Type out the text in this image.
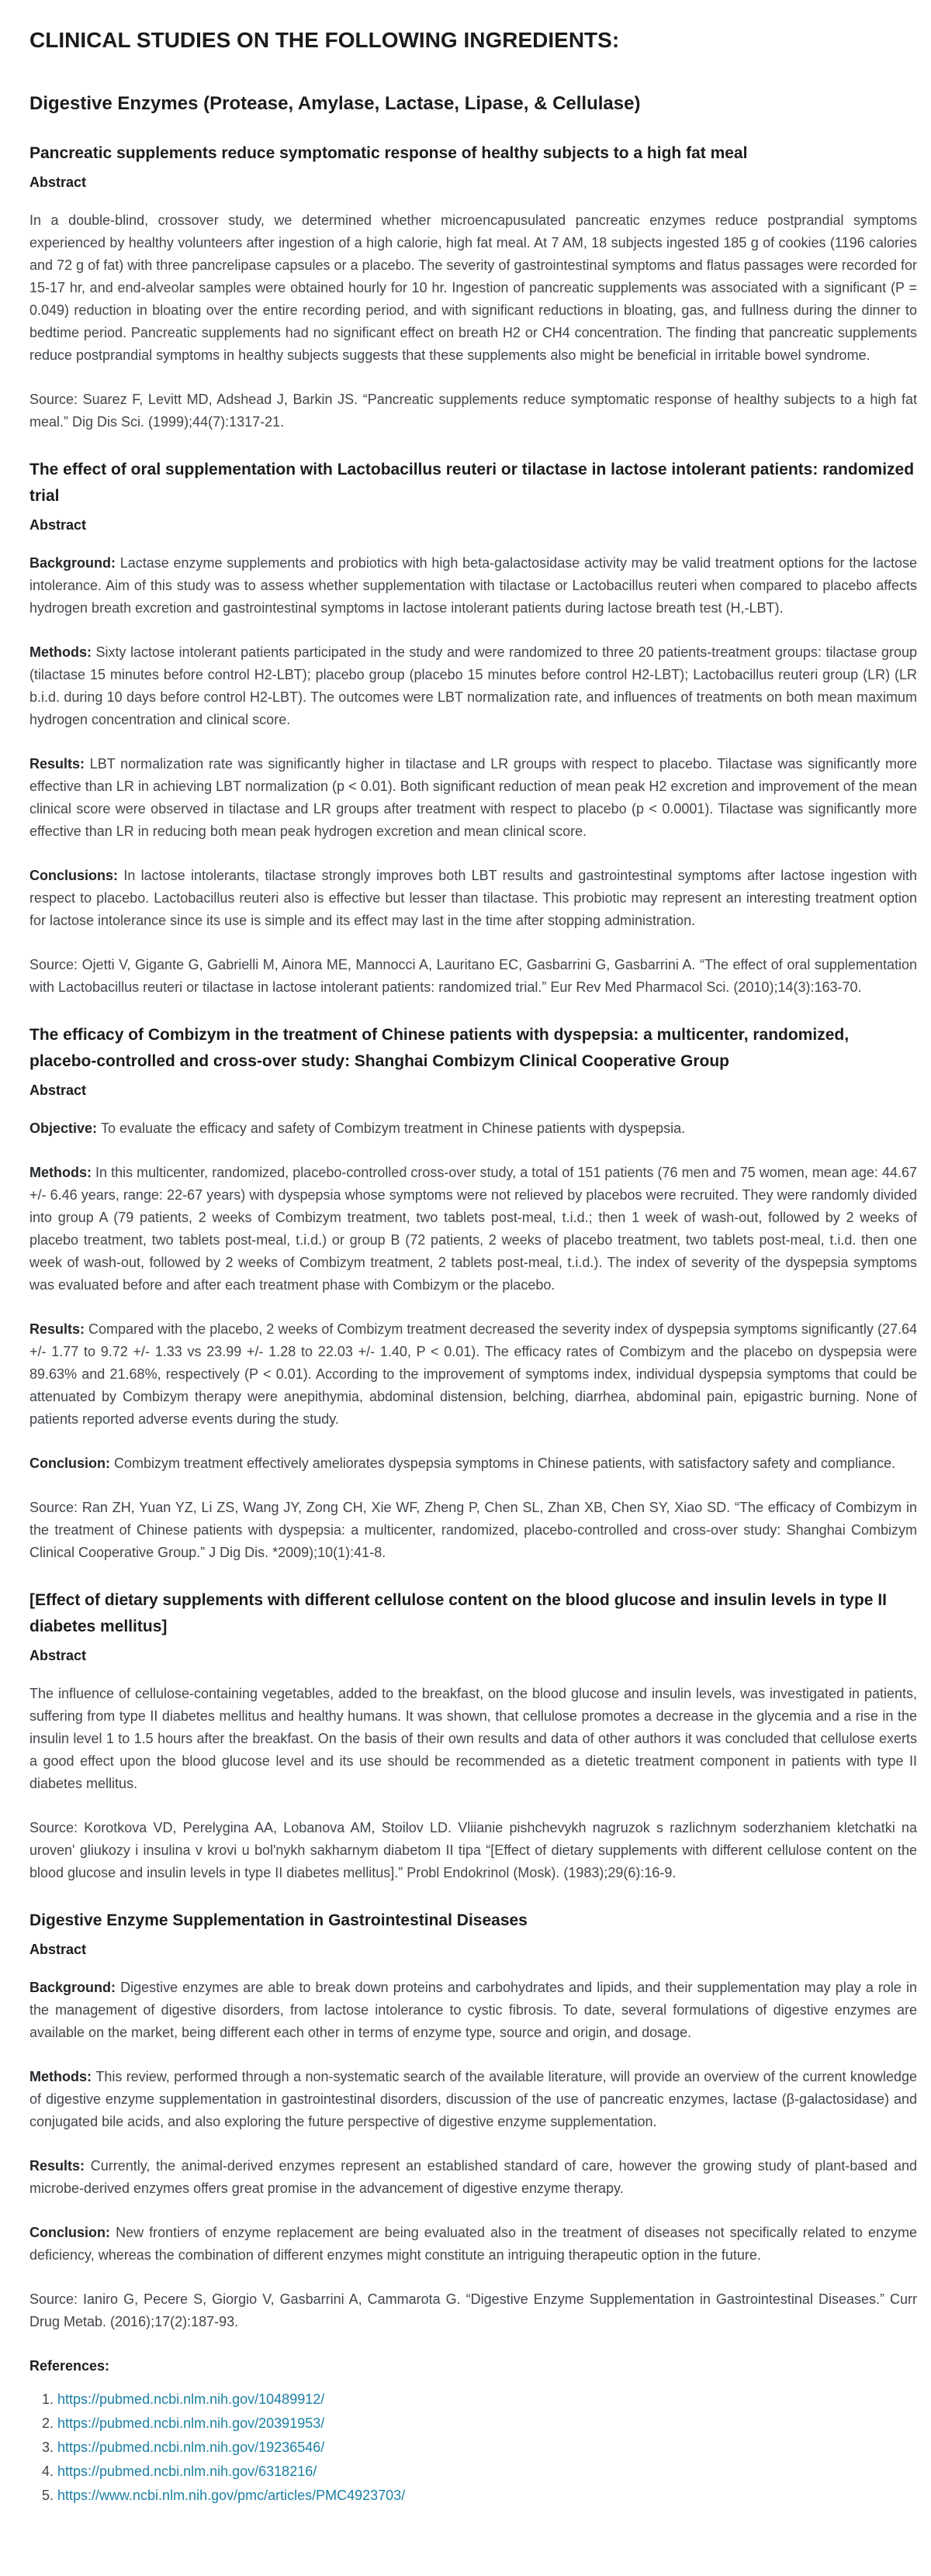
CLINICAL STUDIES ON THE FOLLOWING INGREDIENTS:
Digestive Enzymes (Protease, Amylase, Lactase, Lipase, & Cellulase)
Pancreatic supplements reduce symptomatic response of healthy subjects to a high fat meal
Abstract

In a double-blind, crossover study, we determined whether microencapusulated pancreatic enzymes reduce postprandial symptoms experienced by healthy volunteers after ingestion of a high calorie, high fat meal. At 7 AM, 18 subjects ingested 185 g of cookies (1196 calories and 72 g of fat) with three pancrelipase capsules or a placebo. The severity of gastrointestinal symptoms and flatus passages were recorded for 15-17 hr, and end-alveolar samples were obtained hourly for 10 hr. Ingestion of pancreatic supplements was associated with a significant (P = 0.049) reduction in bloating over the entire recording period, and with significant reductions in bloating, gas, and fullness during the dinner to bedtime period. Pancreatic supplements had no significant effect on breath H2 or CH4 concentration. The finding that pancreatic supplements reduce postprandial symptoms in healthy subjects suggests that these supplements also might be beneficial in irritable bowel syndrome.

Source: Suarez F, Levitt MD, Adshead J, Barkin JS. “Pancreatic supplements reduce symptomatic response of healthy subjects to a high fat meal.” Dig Dis Sci. (1999);44(7):1317-21.

The effect of oral supplementation with Lactobacillus reuteri or tilactase in lactose intolerant patients: randomized trial
Abstract

Background: Lactase enzyme supplements and probiotics with high beta-galactosidase activity may be valid treatment options for the lactose intolerance. Aim of this study was to assess whether supplementation with tilactase or Lactobacillus reuteri when compared to placebo affects hydrogen breath excretion and gastrointestinal symptoms in lactose intolerant patients during lactose breath test (H,-LBT).

Methods: Sixty lactose intolerant patients participated in the study and were randomized to three 20 patients-treatment groups: tilactase group (tilactase 15 minutes before control H2-LBT); placebo group (placebo 15 minutes before control H2-LBT); Lactobacillus reuteri group (LR) (LR b.i.d. during 10 days before control H2-LBT). The outcomes were LBT normalization rate, and influences of treatments on both mean maximum hydrogen concentration and clinical score.

Results: LBT normalization rate was significantly higher in tilactase and LR groups with respect to placebo. Tilactase was significantly more effective than LR in achieving LBT normalization (p < 0.01). Both significant reduction of mean peak H2 excretion and improvement of the mean clinical score were observed in tilactase and LR groups after treatment with respect to placebo (p < 0.0001). Tilactase was significantly more effective than LR in reducing both mean peak hydrogen excretion and mean clinical score.

Conclusions: In lactose intolerants, tilactase strongly improves both LBT results and gastrointestinal symptoms after lactose ingestion with respect to placebo. Lactobacillus reuteri also is effective but lesser than tilactase. This probiotic may represent an interesting treatment option for lactose intolerance since its use is simple and its effect may last in the time after stopping administration.

Source: Ojetti V, Gigante G, Gabrielli M, Ainora ME, Mannocci A, Lauritano EC, Gasbarrini G, Gasbarrini A. “The effect of oral supplementation with Lactobacillus reuteri or tilactase in lactose intolerant patients: randomized trial.” Eur Rev Med Pharmacol Sci. (2010);14(3):163-70.

The efficacy of Combizym in the treatment of Chinese patients with dyspepsia: a multicenter, randomized, placebo-controlled and cross-over study: Shanghai Combizym Clinical Cooperative Group
Abstract

Objective: To evaluate the efficacy and safety of Combizym treatment in Chinese patients with dyspepsia.

Methods: In this multicenter, randomized, placebo-controlled cross-over study, a total of 151 patients (76 men and 75 women, mean age: 44.67 +/- 6.46 years, range: 22-67 years) with dyspepsia whose symptoms were not relieved by placebos were recruited. They were randomly divided into group A (79 patients, 2 weeks of Combizym treatment, two tablets post-meal, t.i.d.; then 1 week of wash-out, followed by 2 weeks of placebo treatment, two tablets post-meal, t.i.d.) or group B (72 patients, 2 weeks of placebo treatment, two tablets post-meal, t.i.d. then one week of wash-out, followed by 2 weeks of Combizym treatment, 2 tablets post-meal, t.i.d.). The index of severity of the dyspepsia symptoms was evaluated before and after each treatment phase with Combizym or the placebo.

Results: Compared with the placebo, 2 weeks of Combizym treatment decreased the severity index of dyspepsia symptoms significantly (27.64 +/- 1.77 to 9.72 +/- 1.33 vs 23.99 +/- 1.28 to 22.03 +/- 1.40, P < 0.01). The efficacy rates of Combizym and the placebo on dyspepsia were 89.63% and 21.68%, respectively (P < 0.01). According to the improvement of symptoms index, individual dyspepsia symptoms that could be attenuated by Combizym therapy were anepithymia, abdominal distension, belching, diarrhea, abdominal pain, epigastric burning. None of patients reported adverse events during the study.

Conclusion: Combizym treatment effectively ameliorates dyspepsia symptoms in Chinese patients, with satisfactory safety and compliance.

Source: Ran ZH, Yuan YZ, Li ZS, Wang JY, Zong CH, Xie WF, Zheng P, Chen SL, Zhan XB, Chen SY, Xiao SD. “The efficacy of Combizym in the treatment of Chinese patients with dyspepsia: a multicenter, randomized, placebo-controlled and cross-over study: Shanghai Combizym Clinical Cooperative Group.” J Dig Dis. *2009);10(1):41-8.

[Effect of dietary supplements with different cellulose content on the blood glucose and insulin levels in type II diabetes mellitus]
Abstract

The influence of cellulose-containing vegetables, added to the breakfast, on the blood glucose and insulin levels, was investigated in patients, suffering from type II diabetes mellitus and healthy humans. It was shown, that cellulose promotes a decrease in the glycemia and a rise in the insulin level 1 to 1.5 hours after the breakfast. On the basis of their own results and data of other authors it was concluded that cellulose exerts a good effect upon the blood glucose level and its use should be recommended as a dietetic treatment component in patients with type II diabetes mellitus.

Source: Korotkova VD, Perelygina AA, Lobanova AM, Stoilov LD. Vliianie pishchevykh nagruzok s razlichnym soderzhaniem kletchatki na uroven' gliukozy i insulina v krovi u bol'nykh sakharnym diabetom II tipa “[Effect of dietary supplements with different cellulose content on the blood glucose and insulin levels in type II diabetes mellitus].” Probl Endokrinol (Mosk). (1983);29(6):16-9.

Digestive Enzyme Supplementation in Gastrointestinal Diseases
Abstract

Background: Digestive enzymes are able to break down proteins and carbohydrates and lipids, and their supplementation may play a role in the management of digestive disorders, from lactose intolerance to cystic fibrosis. To date, several formulations of digestive enzymes are available on the market, being different each other in terms of enzyme type, source and origin, and dosage.

Methods: This review, performed through a non-systematic search of the available literature, will provide an overview of the current knowledge of digestive enzyme supplementation in gastrointestinal disorders, discussion of the use of pancreatic enzymes, lactase (β-galactosidase) and conjugated bile acids, and also exploring the future perspective of digestive enzyme supplementation.

Results: Currently, the animal-derived enzymes represent an established standard of care, however the growing study of plant-based and microbe-derived enzymes offers great promise in the advancement of digestive enzyme therapy.

Conclusion: New frontiers of enzyme replacement are being evaluated also in the treatment of diseases not specifically related to enzyme deficiency, whereas the combination of different enzymes might constitute an intriguing therapeutic option in the future.

Source: Ianiro G, Pecere S, Giorgio V, Gasbarrini A, Cammarota G. “Digestive Enzyme Supplementation in Gastrointestinal Diseases.” Curr Drug Metab. (2016);17(2):187-93.

References:
1. https://pubmed.ncbi.nlm.nih.gov/10489912/
2. https://pubmed.ncbi.nlm.nih.gov/20391953/
3. https://pubmed.ncbi.nlm.nih.gov/19236546/
4. https://pubmed.ncbi.nlm.nih.gov/6318216/
5. https://www.ncbi.nlm.nih.gov/pmc/articles/PMC4923703/
